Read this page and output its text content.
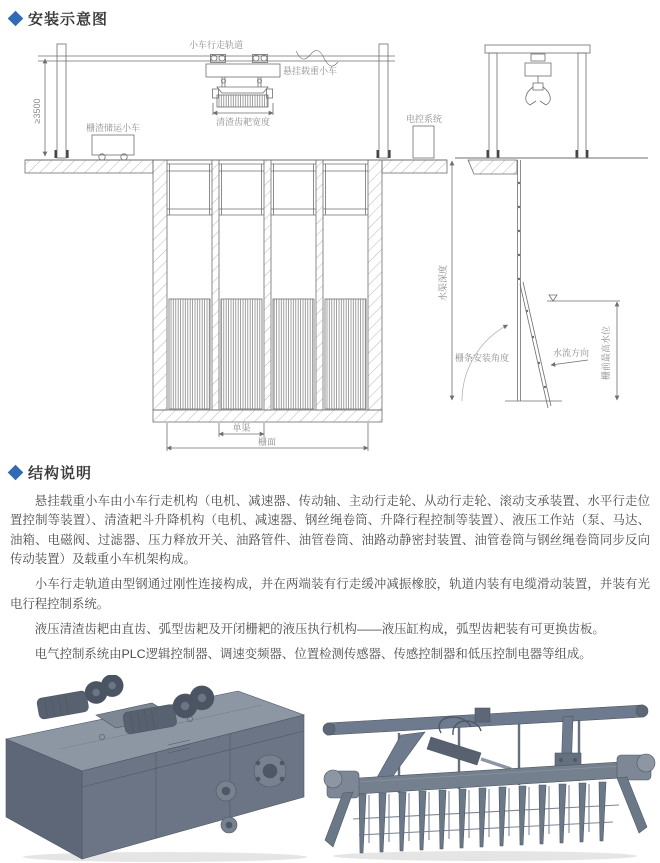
安装示意图
小车行走轨道
悬挂载重小车
清渣齿耙宽度
栅渣储运小车
≥3500	电控系统
水渠深度
栅条安装角度	水流方向 栅前最高水位
单渠
栅面
结构说明

悬挂载重小车由小车行走机构（电机、减速器、传动轴、主动行走轮、从动行走轮、滚动支承装置、水平行走位置控制等装置）、清渣耙斗升降机构（电机、减速器、钢丝绳卷筒、升降行程控制等装置）、液压工作站（泵、马达、油箱、电磁阀、过滤器、压力释放开关、油路管件、油管卷筒、油路动静密封装置、油管卷筒与钢丝绳卷筒同步反向传动装置）及载重小车机架构成。

小车行走轨道由型钢通过刚性连接构成，并在两端装有行走缓冲减振橡胶，轨道内装有电缆滑动装置，并装有光电行程控制系统。

液压清渣齿耙由直齿、弧型齿耙及开闭栅耙的液压执行机构——液压缸构成，弧型齿耙装有可更换齿板。

电气控制系统由PLC逻辑控制器、调速变频器、位置检测传感器、传感控制器和低压控制电器等组成。
